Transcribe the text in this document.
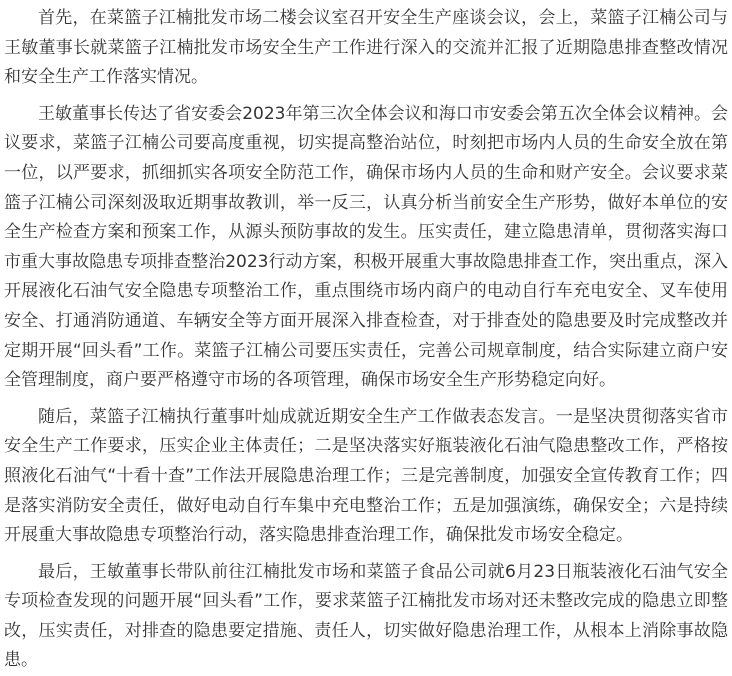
首先，在菜篮子江楠批发市场二楼会议室召开安全生产座谈会议，会上，菜篮子江楠公司与王敏董事长就菜篮子江楠批发市场安全生产工作进行深入的交流并汇报了近期隐患排查整改情况和安全生产工作落实情况。

王敏董事长传达了省安委会2023年第三次全体会议和海口市安委会第五次全体会议精神。会议要求，菜篮子江楠公司要高度重视，切实提高整治站位，时刻把市场内人员的生命安全放在第一位，以严要求，抓细抓实各项安全防范工作，确保市场内人员的生命和财产安全。会议要求菜篮子江楠公司深刻汲取近期事故教训，举一反三，认真分析当前安全生产形势，做好本单位的安全生产检查方案和预案工作，从源头预防事故的发生。压实责任，建立隐患清单，贯彻落实海口市重大事故隐患专项排查整治2023行动方案，积极开展重大事故隐患排查工作，突出重点，深入开展液化石油气安全隐患专项整治工作，重点围绕市场内商户的电动自行车充电安全、叉车使用安全、打通消防通道、车辆安全等方面开展深入排查检查，对于排查处的隐患要及时完成整改并定期开展“回头看”工作。菜篮子江楠公司要压实责任，完善公司规章制度，结合实际建立商户安全管理制度，商户要严格遵守市场的各项管理，确保市场安全生产形势稳定向好。

随后，菜篮子江楠执行董事叶灿成就近期安全生产工作做表态发言。一是坚决贯彻落实省市安全生产工作要求，压实企业主体责任；二是坚决落实好瓶装液化石油气隐患整改工作，严格按照液化石油气“十看十查”工作法开展隐患治理工作；三是完善制度，加强安全宣传教育工作；四是落实消防安全责任，做好电动自行车集中充电整治工作；五是加强演练，确保安全；六是持续开展重大事故隐患专项整治行动，落实隐患排查治理工作，确保批发市场安全稳定。

最后，王敏董事长带队前往江楠批发市场和菜篮子食品公司就6月23日瓶装液化石油气安全专项检查发现的问题开展“回头看”工作，要求菜篮子江楠批发市场对还未整改完成的隐患立即整改，压实责任，对排查的隐患要定措施、责任人，切实做好隐患治理工作，从根本上消除事故隐患。
